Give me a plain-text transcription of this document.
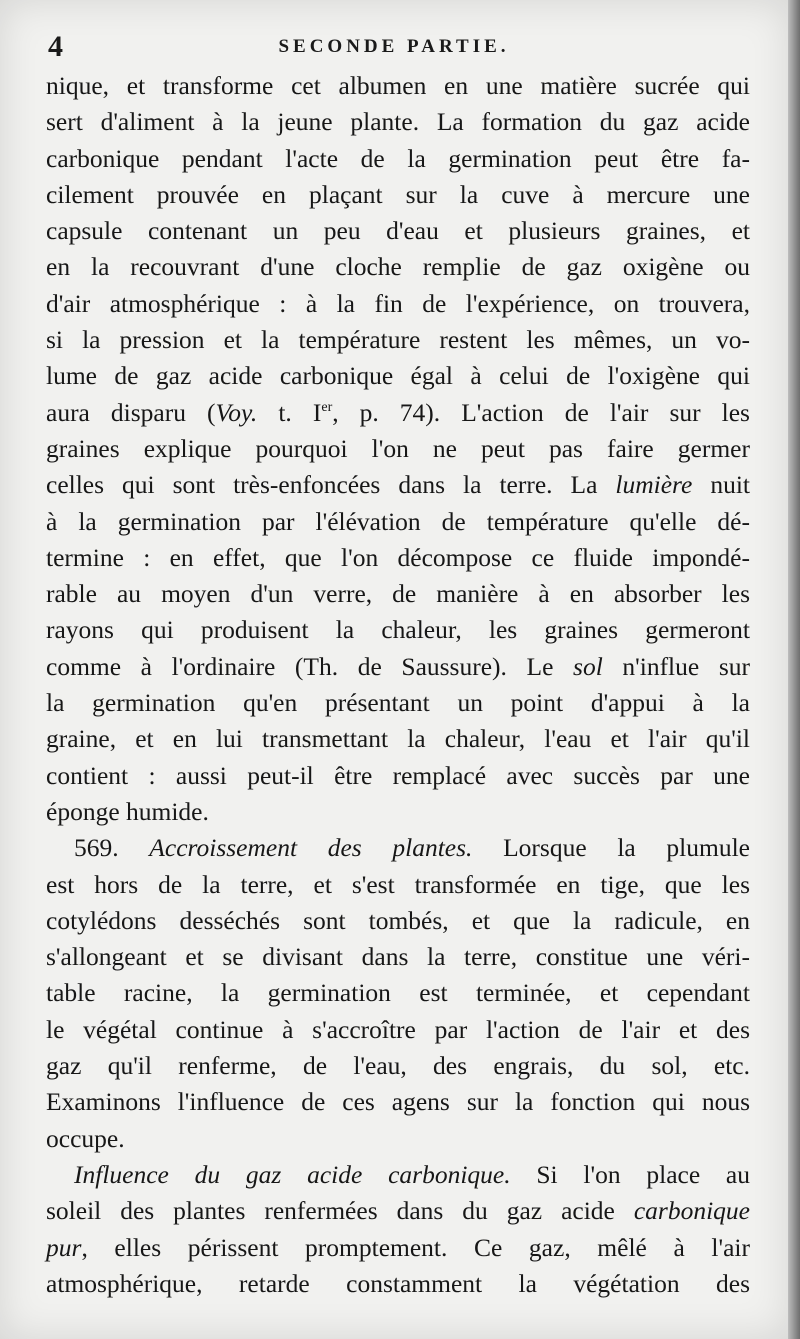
4	SECONDE PARTIE.
nique, et transforme cet albumen en une matière sucrée qui
sert d'aliment à la jeune plante. La formation du gaz acide
carbonique pendant l'acte de la germination peut être fa-
cilement prouvée en plaçant sur la cuve à mercure une
capsule contenant un peu d'eau et plusieurs graines, et
en la recouvrant d'une cloche remplie de gaz oxigène ou
d'air atmosphérique : à la fin de l'expérience, on trouvera,
si la pression et la température restent les mêmes, un vo-
lume de gaz acide carbonique égal à celui de l'oxigène qui
aura disparu (Voy. t. Ier, p. 74). L'action de l'air sur les
graines explique pourquoi l'on ne peut pas faire germer
celles qui sont très-enfoncées dans la terre. La lumière nuit
à la germination par l'élévation de température qu'elle dé-
termine : en effet, que l'on décompose ce fluide impondé-
rable au moyen d'un verre, de manière à en absorber les
rayons qui produisent la chaleur, les graines germeront
comme à l'ordinaire (Th. de Saussure). Le sol n'influe sur
la germination qu'en présentant un point d'appui à la
graine, et en lui transmettant la chaleur, l'eau et l'air qu'il
contient : aussi peut-il être remplacé avec succès par une
éponge humide.
569. Accroissement des plantes. Lorsque la plumule
est hors de la terre, et s'est transformée en tige, que les
cotylédons desséchés sont tombés, et que la radicule, en
s'allongeant et se divisant dans la terre, constitue une véri-
table racine, la germination est terminée, et cependant
le végétal continue à s'accroître par l'action de l'air et des
gaz qu'il renferme, de l'eau, des engrais, du sol, etc.
Examinons l'influence de ces agens sur la fonction qui nous
occupe.
Influence du gaz acide carbonique. Si l'on place au
soleil des plantes renfermées dans du gaz acide carbonique
pur, elles périssent promptement. Ce gaz, mêlé à l'air
atmosphérique, retarde constamment la végétation des
